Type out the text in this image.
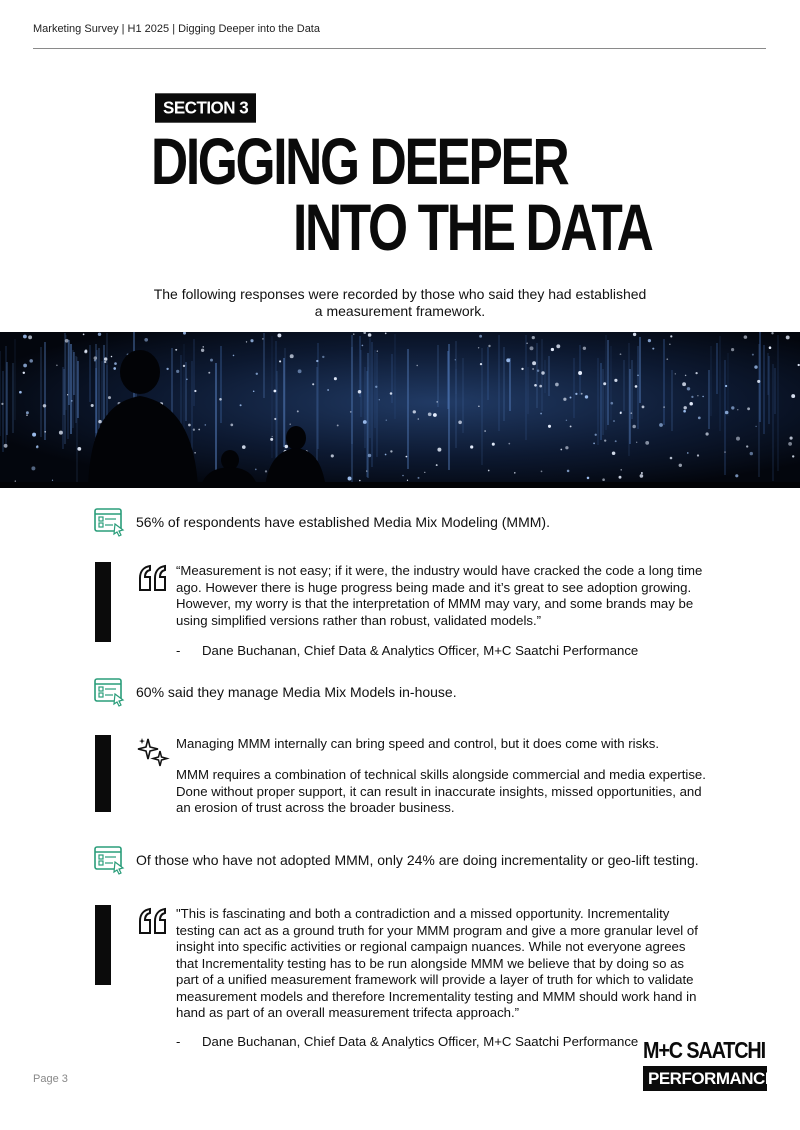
Marketing Survey | H1 2025 | Digging Deeper into the Data
SECTION 3
DIGGING DEEPER
INTO THE DATA
The following responses were recorded by those who said they had established a measurement framework.
56% of respondents have established Media Mix Modeling (MMM).
“Measurement is not easy; if it were, the industry would have cracked the code a long time ago. However there is huge progress being made and it’s great to see adoption growing. However, my worry is that the interpretation of MMM may vary, and some brands may be using simplified versions rather than robust, validated models.”
- Dane Buchanan, Chief Data & Analytics Officer, M+C Saatchi Performance
60% said they manage Media Mix Models in-house.
Managing MMM internally can bring speed and control, but it does come with risks.
MMM requires a combination of technical skills alongside commercial and media expertise. Done without proper support, it can result in inaccurate insights, missed opportunities, and an erosion of trust across the broader business.
Of those who have not adopted MMM, only 24% are doing incrementality or geo-lift testing.
"This is fascinating and both a contradiction and a missed opportunity. Incrementality testing can act as a ground truth for your MMM program and give a more granular level of insight into specific activities or regional campaign nuances. While not everyone agrees that Incrementality testing has to be run alongside MMM we believe that by doing so as part of a unified measurement framework will provide a layer of truth for which to validate measurement models and therefore Incrementality testing and MMM should work hand in hand as part of an overall measurement trifecta approach.”
- Dane Buchanan, Chief Data & Analytics Officer, M+C Saatchi Performance
Page 3
M+C SAATCHI
PERFORMANCE
